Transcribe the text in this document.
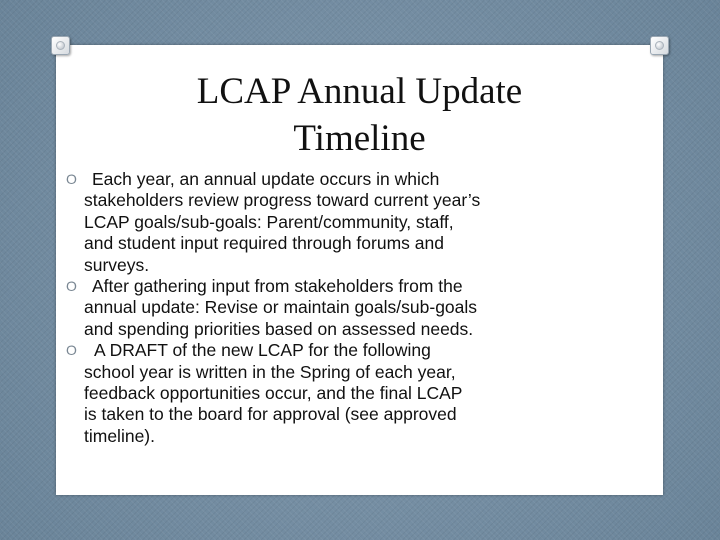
LCAP Annual Update
Timeline
O Each year, an annual update occurs in which
stakeholders review progress toward current year’s
LCAP goals/sub-goals: Parent/community, staff,
and student input required through forums and
surveys.
O After gathering input from stakeholders from the
annual update: Revise or maintain goals/sub-goals
and spending priorities based on assessed needs.
O A DRAFT of the new LCAP for the following
school year is written in the Spring of each year,
feedback opportunities occur, and the final LCAP
is taken to the board for approval (see approved
timeline).
